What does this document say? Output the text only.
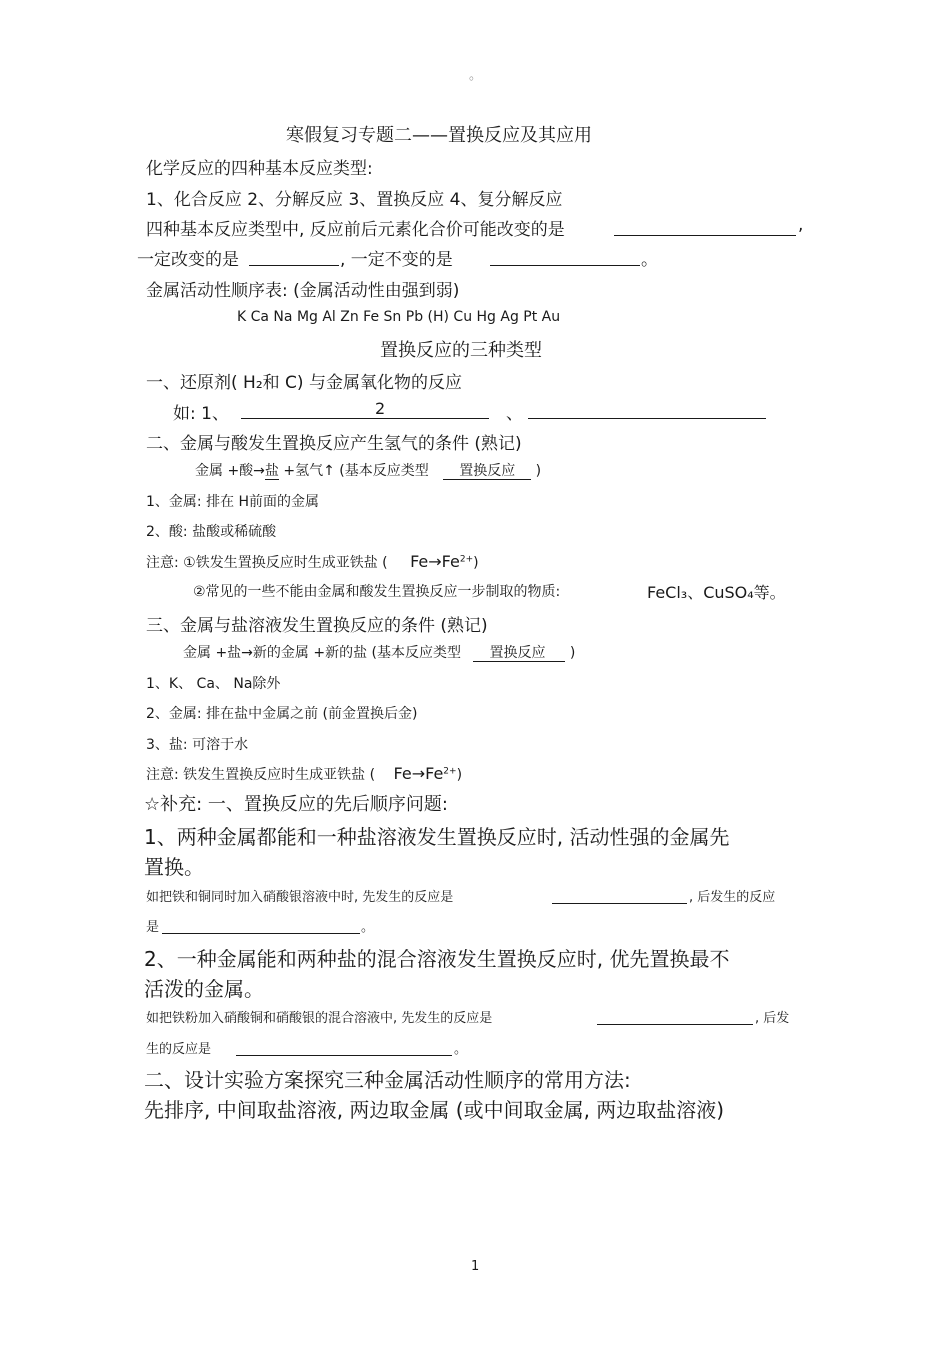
。
寒假复习专题二——置换反应及其应用
化学反应的四种基本反应类型:
1、化合反应 2、分解反应 3、置换反应 4、复分解反应
四种基本反应类型中, 反应前后元素化合价可能改变的是	,
一定改变的是	, 一定不变的是	。
金属活动性顺序表: (金属活动性由强到弱)
K Ca Na Mg Al Zn Fe Sn Pb (H) Cu Hg Ag Pt Au
置换反应的三种类型
一、还原剂( H₂和 C) 与金属氧化物的反应
如: 1、	2	、
二、金属与酸发生置换反应产生氢气的条件 (熟记)
金属 +酸→盐 +氢气↑ (基本反应类型 置换反应 )
1、金属: 排在 H前面的金属
2、酸: 盐酸或稀硫酸
注意: ①铁发生置换反应时生成亚铁盐 ( $Fe\to Fe^{2+}$)
②常见的一些不能由金属和酸发生置换反应一步制取的物质:	FeCl₃、CuSO₄等。
三、金属与盐溶液发生置换反应的条件 (熟记)
金属 +盐→新的金属 +新的盐 (基本反应类型 置换反应 )
1、K、 Ca、 Na除外
2、金属: 排在盐中金属之前 (前金置换后金)
3、盐: 可溶于水
注意: 铁发生置换反应时生成亚铁盐 ( $Fe\to Fe^{2+}$)
☆补充: 一、置换反应的先后顺序问题:
1、两种金属都能和一种盐溶液发生置换反应时, 活动性强的金属先
置换。
如把铁和铜同时加入硝酸银溶液中时, 先发生的反应是	, 后发生的反应
是	。
2、一种金属能和两种盐的混合溶液发生置换反应时, 优先置换最不
活泼的金属。
如把铁粉加入硝酸铜和硝酸银的混合溶液中, 先发生的反应是	, 后发
生的反应是	。
二、设计实验方案探究三种金属活动性顺序的常用方法:
先排序, 中间取盐溶液, 两边取金属 (或中间取金属, 两边取盐溶液)
1
